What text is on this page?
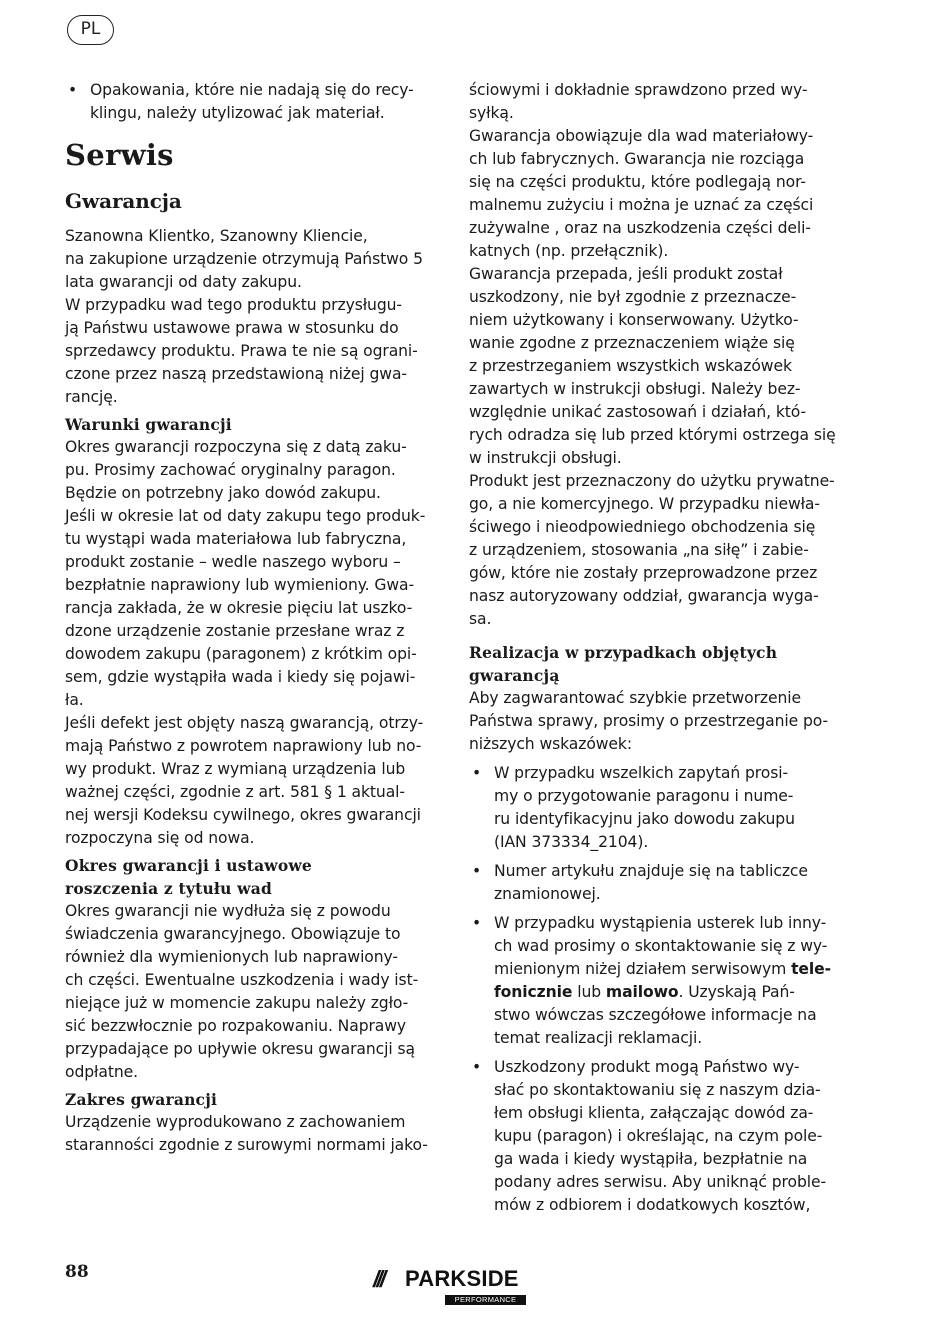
PL
• Opakowania, które nie nadają się do recy-
klingu, należy utylizować jak materiał.
Serwis
Gwarancja

Szanowna Klientko, Szanowny Kliencie,
na zakupione urządzenie otrzymują Państwo 5
lata gwarancji od daty zakupu.

W przypadku wad tego produktu przysługu-
ją Państwu ustawowe prawa w stosunku do
sprzedawcy produktu. Prawa te nie są ograni-
czone przez naszą przedstawioną niżej gwa-
rancję.

Warunki gwarancji

Okres gwarancji rozpoczyna się z datą zaku-
pu. Prosimy zachować oryginalny paragon.
Będzie on potrzebny jako dowód zakupu.

Jeśli w okresie lat od daty zakupu tego produk-
tu wystąpi wada materiałowa lub fabryczna,
produkt zostanie – wedle naszego wyboru –
bezpłatnie naprawiony lub wymieniony. Gwa-
rancja zakłada, że w okresie pięciu lat uszko-
dzone urządzenie zostanie przesłane wraz z
dowodem zakupu (paragonem) z krótkim opi-
sem, gdzie wystąpiła wada i kiedy się pojawi-
ła.

Jeśli defekt jest objęty naszą gwarancją, otrzy-
mają Państwo z powrotem naprawiony lub no-
wy produkt. Wraz z wymianą urządzenia lub
ważnej części, zgodnie z art. 581 § 1 aktual-
nej wersji Kodeksu cywilnego, okres gwarancji
rozpoczyna się od nowa.

Okres gwarancji i ustawowe
roszczenia z tytułu wad

Okres gwarancji nie wydłuża się z powodu
świadczenia gwarancyjnego. Obowiązuje to
również dla wymienionych lub naprawiony-
ch części. Ewentualne uszkodzenia i wady ist-
niejące już w momencie zakupu należy zgło-
sić bezzwłocznie po rozpakowaniu. Naprawy
przypadające po upływie okresu gwarancji są
odpłatne.

Zakres gwarancji

Urządzenie wyprodukowano z zachowaniem
staranności zgodnie z surowymi normami jako-

ściowymi i dokładnie sprawdzono przed wy-
syłką.

Gwarancja obowiązuje dla wad materiałowy-
ch lub fabrycznych. Gwarancja nie rozciąga
się na części produktu, które podlegają nor-
malnemu zużyciu i można je uznać za części
zużywalne , oraz na uszkodzenia części deli-
katnych (np. przełącznik).

Gwarancja przepada, jeśli produkt został
uszkodzony, nie był zgodnie z przeznacze-
niem użytkowany i konserwowany. Użytko-
wanie zgodne z przeznaczeniem wiąże się
z przestrzeganiem wszystkich wskazówek
zawartych w instrukcji obsługi. Należy bez-
względnie unikać zastosowań i działań, któ-
rych odradza się lub przed którymi ostrzega się
w instrukcji obsługi.

Produkt jest przeznaczony do użytku prywatne-
go, a nie komercyjnego. W przypadku niewła-
ściwego i nieodpowiedniego obchodzenia się
z urządzeniem, stosowania „na siłę” i zabie-
gów, które nie zostały przeprowadzone przez
nasz autoryzowany oddział, gwarancja wyga-
sa.

Realizacja w przypadkach objętych
gwarancją

Aby zagwarantować szybkie przetworzenie
Państwa sprawy, prosimy o przestrzeganie po-
niższych wskazówek:

• W przypadku wszelkich zapytań prosi-
my o przygotowanie paragonu i nume-
ru identyfikacyjnu jako dowodu zakupu
(IAN 373334_2104).
• Numer artykułu znajduje się na tabliczce
znamionowej.
• W przypadku wystąpienia usterek lub inny-
ch wad prosimy o skontaktowanie się z wy-
mienionym niżej działem serwisowym tele-
fonicznie lub mailowo. Uzyskają Pań-
stwo wówczas szczegółowe informacje na
temat realizacji reklamacji.
• Uszkodzony produkt mogą Państwo wy-
słać po skontaktowaniu się z naszym dzia-
łem obsługi klienta, załączając dowód za-
kupu (paragon) i określając, na czym pole-
ga wada i kiedy wystąpiła, bezpłatnie na
podany adres serwisu. Aby uniknąć proble-
mów z odbiorem i dodatkowych kosztów,
88	/// PARKSIDE
PERFORMANCE
